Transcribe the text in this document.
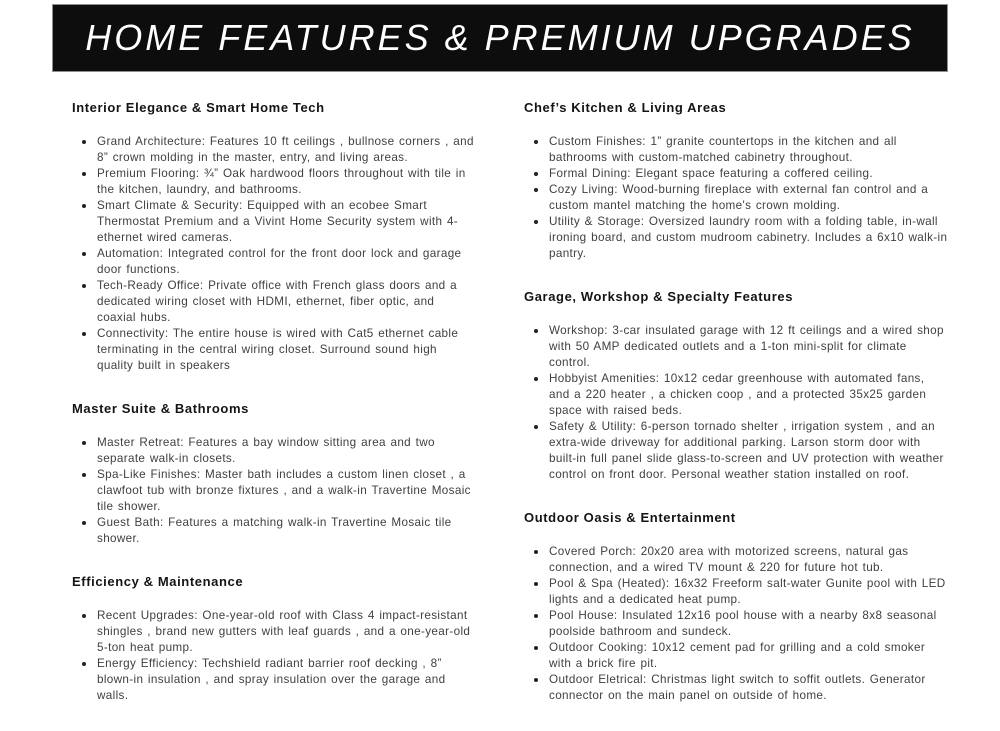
HOME FEATURES & PREMIUM UPGRADES
Interior Elegance & Smart Home Tech
Grand Architecture: Features 10 ft ceilings , bullnose corners , and 8” crown molding in the master, entry, and living areas.
Premium Flooring: ¾” Oak hardwood floors throughout with tile in the kitchen, laundry, and bathrooms.
Smart Climate & Security: Equipped with an ecobee Smart Thermostat Premium and a Vivint Home Security system with 4-ethernet wired cameras.
Automation: Integrated control for the front door lock and garage door functions.
Tech-Ready Office: Private office with French glass doors and a dedicated wiring closet with HDMI, ethernet, fiber optic, and coaxial hubs.
Connectivity: The entire house is wired with Cat5 ethernet cable terminating in the central wiring closet. Surround sound high quality built in speakers
Master Suite & Bathrooms
Master Retreat: Features a bay window sitting area and two separate walk-in closets.
Spa-Like Finishes: Master bath includes a custom linen closet , a clawfoot tub with bronze fixtures , and a walk-in Travertine Mosaic tile shower.
Guest Bath: Features a matching walk-in Travertine Mosaic tile shower.
Efficiency & Maintenance
Recent Upgrades: One-year-old roof with Class 4 impact-resistant shingles , brand new gutters with leaf guards , and a one-year-old 5-ton heat pump.
Energy Efficiency: Techshield radiant barrier roof decking , 8” blown-in insulation , and spray insulation over the garage and walls.
Chef’s Kitchen & Living Areas
Custom Finishes: 1” granite countertops in the kitchen and all bathrooms with custom-matched cabinetry throughout.
Formal Dining: Elegant space featuring a coffered ceiling.
Cozy Living: Wood-burning fireplace with external fan control and a custom mantel matching the home's crown molding.
Utility & Storage: Oversized laundry room with a folding table, in-wall ironing board, and custom mudroom cabinetry. Includes a 6x10 walk-in pantry.
Garage, Workshop & Specialty Features
Workshop: 3-car insulated garage with 12 ft ceilings and a wired shop with 50 AMP dedicated outlets and a 1-ton mini-split for climate control.
Hobbyist Amenities: 10x12 cedar greenhouse with automated fans, and a 220 heater , a chicken coop , and a protected 35x25 garden space with raised beds.
Safety & Utility: 6-person tornado shelter , irrigation system , and an extra-wide driveway for additional parking. Larson storm door with built-in full panel slide glass-to-screen and UV protection with weather control on front door. Personal weather station installed on roof.
Outdoor Oasis & Entertainment
Covered Porch: 20x20 area with motorized screens, natural gas connection, and a wired TV mount & 220 for future hot tub.
Pool & Spa (Heated): 16x32 Freeform salt-water Gunite pool with LED lights and a dedicated heat pump.
Pool House: Insulated 12x16 pool house with a nearby 8x8 seasonal poolside bathroom and sundeck.
Outdoor Cooking: 10x12 cement pad for grilling and a cold smoker with a brick fire pit.
Outdoor Eletrical: Christmas light switch to soffit outlets. Generator connector on the main panel on outside of home.
